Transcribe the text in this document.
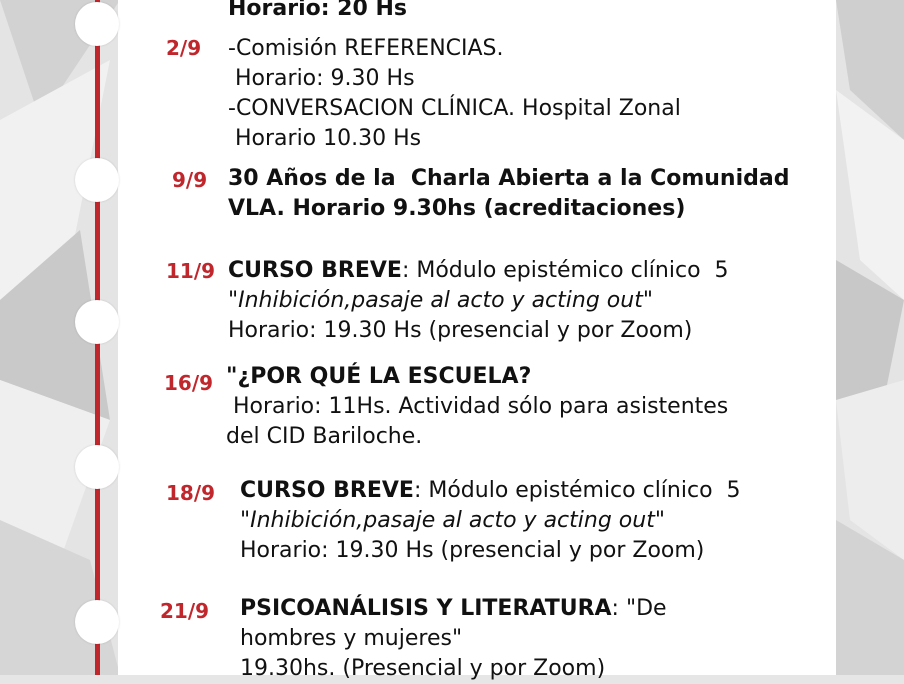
Horario: 20 Hs
2/9 -Comisión REFERENCIAS.
Horario: 9.30 Hs
-CONVERSACION CLÍNICA. Hospital Zonal
Horario 10.30 Hs
9/9 30 Años de la  Charla Abierta a la Comunidad
VLA. Horario 9.30hs (acreditaciones)
11/9 CURSO BREVE: Módulo epistémico clínico  5
"Inhibición,pasaje al acto y acting out"
Horario: 19.30 Hs (presencial y por Zoom)
16/9 "¿POR QUÉ LA ESCUELA?
Horario: 11Hs. Actividad sólo para asistentes
del CID Bariloche.
18/9 CURSO BREVE: Módulo epistémico clínico  5
"Inhibición,pasaje al acto y acting out"
Horario: 19.30 Hs (presencial y por Zoom)
21/9 PSICOANÁLISIS Y LITERATURA: "De
hombres y mujeres"
19.30hs. (Presencial y por Zoom)
